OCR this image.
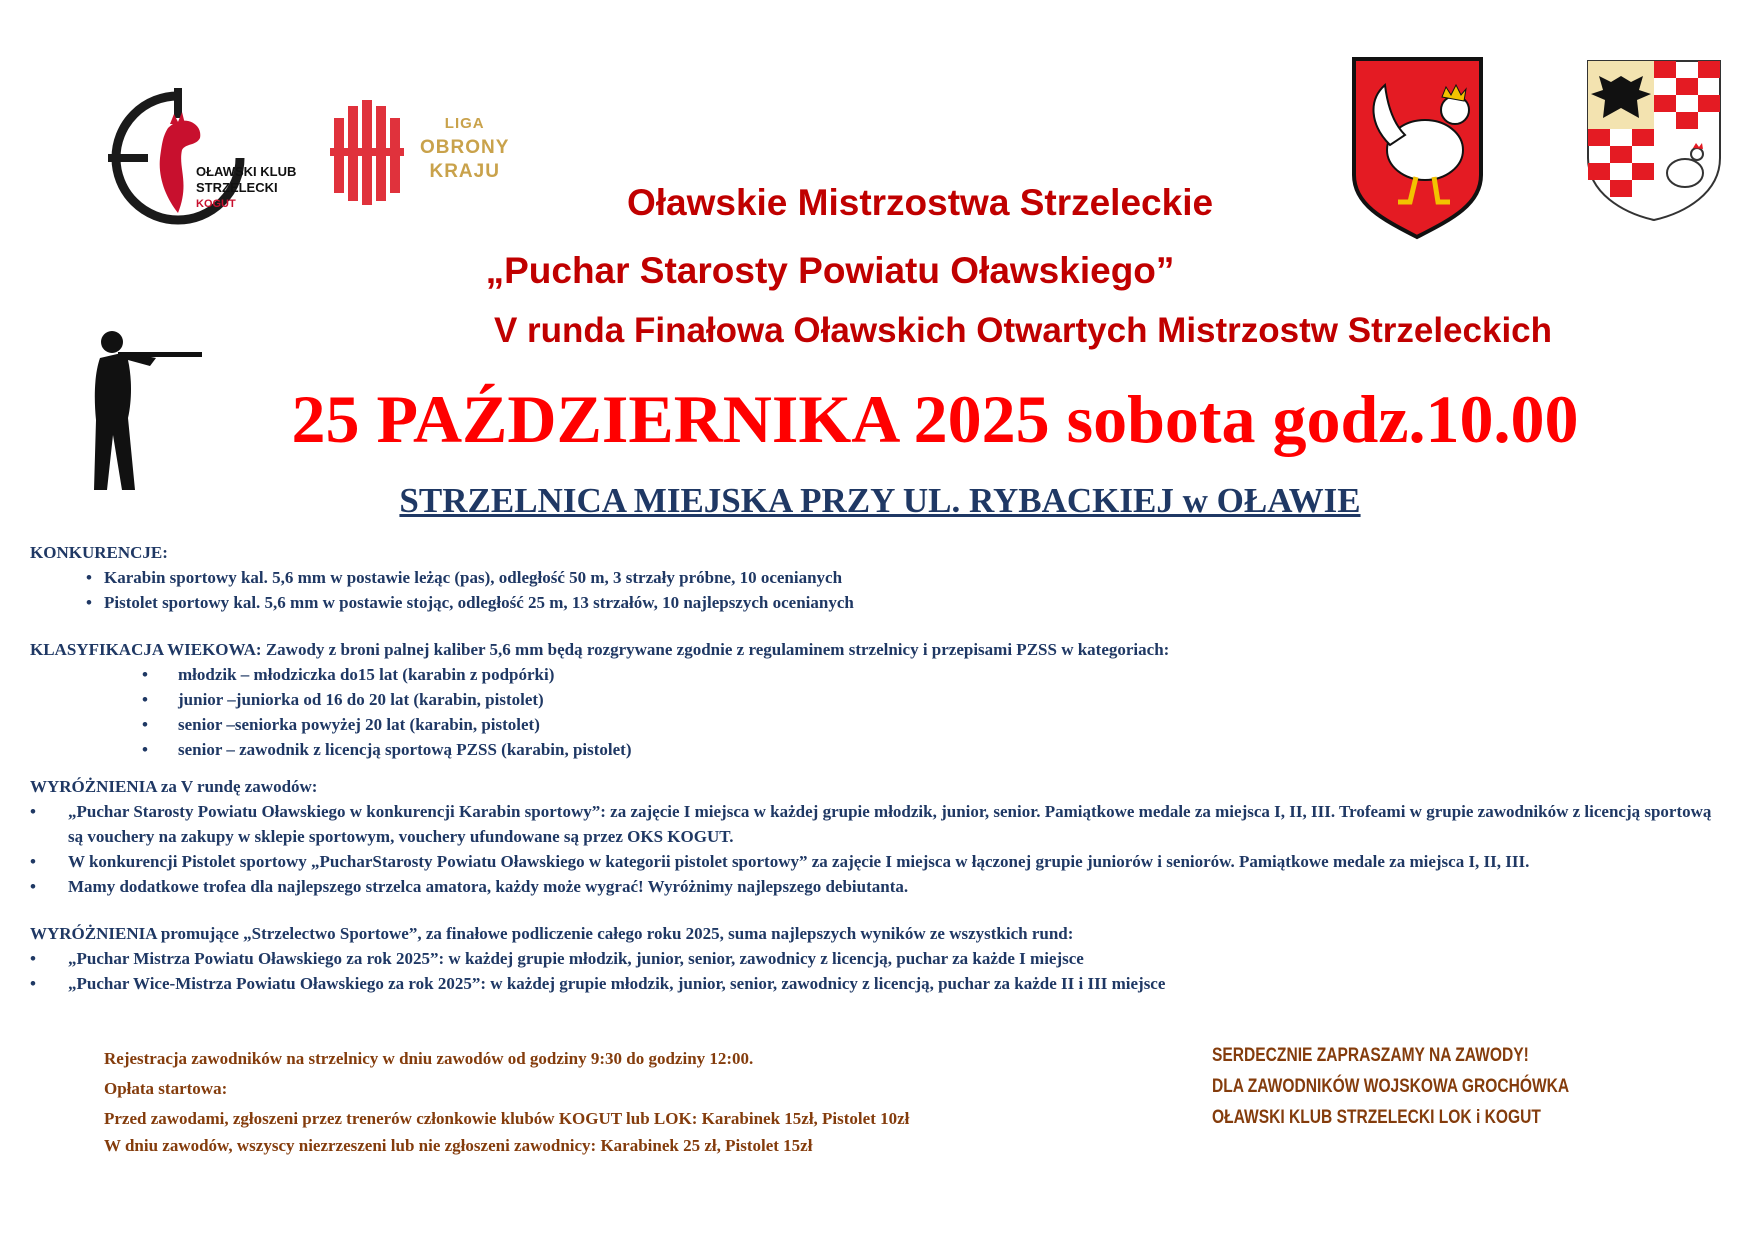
OŁAWSKI KLUB
STRZELECKI
KOGUT
LIGA
OBRONY
KRAJU
Oławskie Mistrzostwa Strzeleckie
„Puchar Starosty Powiatu Oławskiego”
V runda Finałowa Oławskich Otwartych Mistrzostw Strzeleckich
25 PAŹDZIERNIKA 2025 sobota godz.10.00
STRZELNICA MIEJSKA PRZY UL. RYBACKIEJ w OŁAWIE

KONKURENCJE:

• Karabin sportowy kal. 5,6 mm w postawie leżąc (pas), odległość 50 m, 3 strzały próbne, 10 ocenianych
• Pistolet sportowy kal. 5,6 mm w postawie stojąc, odległość 25 m, 13 strzałów, 10 najlepszych ocenianych

KLASYFIKACJA WIEKOWA: Zawody z broni palnej kaliber 5,6 mm będą rozgrywane zgodnie z regulaminem strzelnicy i przepisami PZSS w kategoriach:

• młodzik – młodziczka do15 lat (karabin z podpórki)
• junior –juniorka od 16 do 20 lat (karabin, pistolet)
• senior –seniorka powyżej 20 lat (karabin, pistolet)
• senior – zawodnik z licencją sportową PZSS (karabin, pistolet)

WYRÓŻNIENIA za V rundę zawodów:

• „Puchar Starosty Powiatu Oławskiego w konkurencji Karabin sportowy”: za zajęcie I miejsca w każdej grupie młodzik, junior, senior. Pamiątkowe medale za miejsca I, II, III. Trofeami w grupie zawodników z licencją sportową są vouchery na zakupy w sklepie sportowym, vouchery ufundowane są przez OKS KOGUT.
• W konkurencji Pistolet sportowy „PucharStarosty Powiatu Oławskiego w kategorii pistolet sportowy” za zajęcie I miejsca w łączonej grupie juniorów i seniorów. Pamiątkowe medale za miejsca I, II, III.
• Mamy dodatkowe trofea dla najlepszego strzelca amatora, każdy może wygrać! Wyróżnimy najlepszego debiutanta.

WYRÓŻNIENIA promujące „Strzelectwo Sportowe”, za finałowe podliczenie całego roku 2025, suma najlepszych wyników ze wszystkich rund:

• „Puchar Mistrza Powiatu Oławskiego za rok 2025”: w każdej grupie młodzik, junior, senior, zawodnicy z licencją, puchar za każde I miejsce
• „Puchar Wice-Mistrza Powiatu Oławskiego za rok 2025”: w każdej grupie młodzik, junior, senior, zawodnicy z licencją, puchar za każde II i III miejsce

Rejestracja zawodników na strzelnicy w dniu zawodów od godziny 9:30 do godziny 12:00.

Opłata startowa:

Przed zawodami, zgłoszeni przez trenerów członkowie klubów KOGUT lub LOK: Karabinek 15zł, Pistolet 10zł

W dniu zawodów, wszyscy niezrzeszeni lub nie zgłoszeni zawodnicy: Karabinek 25 zł, Pistolet 15zł

SERDECZNIE ZAPRASZAMY NA ZAWODY!

DLA ZAWODNIKÓW WOJSKOWA GROCHÓWKA

OŁAWSKI KLUB STRZELECKI LOK i KOGUT
